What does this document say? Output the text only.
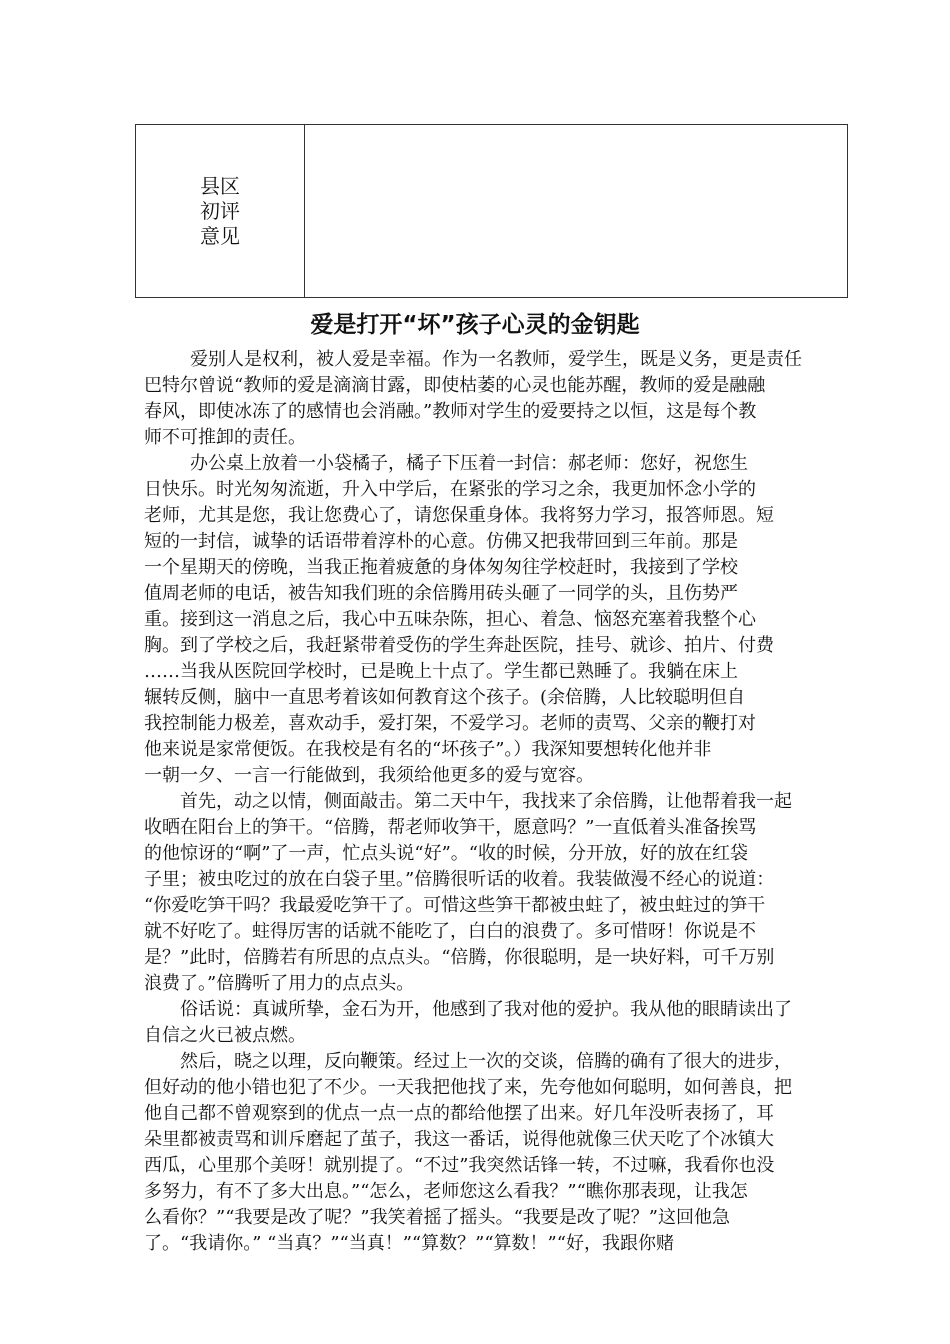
县区
初评
意见

爱是打开“坏”孩子心灵的金钥匙
爱别人是权利，被人爱是幸福。作为一名教师，爱学生，既是义务，更是责任
巴特尔曾说“教师的爱是滴滴甘露，即使枯萎的心灵也能苏醒，教师的爱是融融
春风，即使冰冻了的感情也会消融。”教师对学生的爱要持之以恒，这是每个教
师不可推卸的责任。
办公桌上放着一小袋橘子，橘子下压着一封信：郝老师：您好，祝您生
日快乐。时光匆匆流逝，升入中学后，在紧张的学习之余，我更加怀念小学的
老师，尤其是您，我让您费心了，请您保重身体。我将努力学习，报答师恩。短
短的一封信，诚挚的话语带着淳朴的心意。仿佛又把我带回到三年前。那是
一个星期天的傍晚，当我正拖着疲惫的身体匆匆往学校赶时，我接到了学校
值周老师的电话，被告知我们班的余倍腾用砖头砸了一同学的头，且伤势严
重。接到这一消息之后，我心中五味杂陈，担心、着急、恼怒充塞着我整个心
胸。到了学校之后，我赶紧带着受伤的学生奔赴医院，挂号、就诊、拍片、付费
……当我从医院回学校时，已是晚上十点了。学生都已熟睡了。我躺在床上
辗转反侧，脑中一直思考着该如何教育这个孩子。(余倍腾，人比较聪明但自
我控制能力极差，喜欢动手，爱打架，不爱学习。老师的责骂、父亲的鞭打对
他来说是家常便饭。在我校是有名的“坏孩子”。）我深知要想转化他并非
一朝一夕、一言一行能做到，我须给他更多的爱与宽容。
首先，动之以情，侧面敲击。第二天中午，我找来了余倍腾，让他帮着我一起
收晒在阳台上的笋干。“倍腾，帮老师收笋干，愿意吗？”一直低着头准备挨骂
的他惊讶的“啊”了一声，忙点头说“好”。“收的时候，分开放，好的放在红袋
子里；被虫吃过的放在白袋子里。”倍腾很听话的收着。我装做漫不经心的说道：
“你爱吃笋干吗？我最爱吃笋干了。可惜这些笋干都被虫蛀了，被虫蛀过的笋干
就不好吃了。蛀得厉害的话就不能吃了，白白的浪费了。多可惜呀！你说是不
是？”此时，倍腾若有所思的点点头。“倍腾，你很聪明，是一块好料，可千万别
浪费了。”倍腾听了用力的点点头。
俗话说：真诚所挚，金石为开，他感到了我对他的爱护。我从他的眼睛读出了
自信之火已被点燃。
然后，晓之以理，反向鞭策。经过上一次的交谈，倍腾的确有了很大的进步，
但好动的他小错也犯了不少。一天我把他找了来，先夸他如何聪明，如何善良，把
他自己都不曾观察到的优点一点一点的都给他摆了出来。好几年没听表扬了，耳
朵里都被责骂和训斥磨起了茧子，我这一番话，说得他就像三伏天吃了个冰镇大
西瓜，心里那个美呀！就别提了。“不过”我突然话锋一转，不过嘛，我看你也没
多努力，有不了多大出息。”“怎么，老师您这么看我？”“瞧你那表现，让我怎
么看你？”“我要是改了呢？”我笑着摇了摇头。“我要是改了呢？”这回他急
了。“我请你。” “当真？”“当真！”“算数？”“算数！”“好，我跟你赌
